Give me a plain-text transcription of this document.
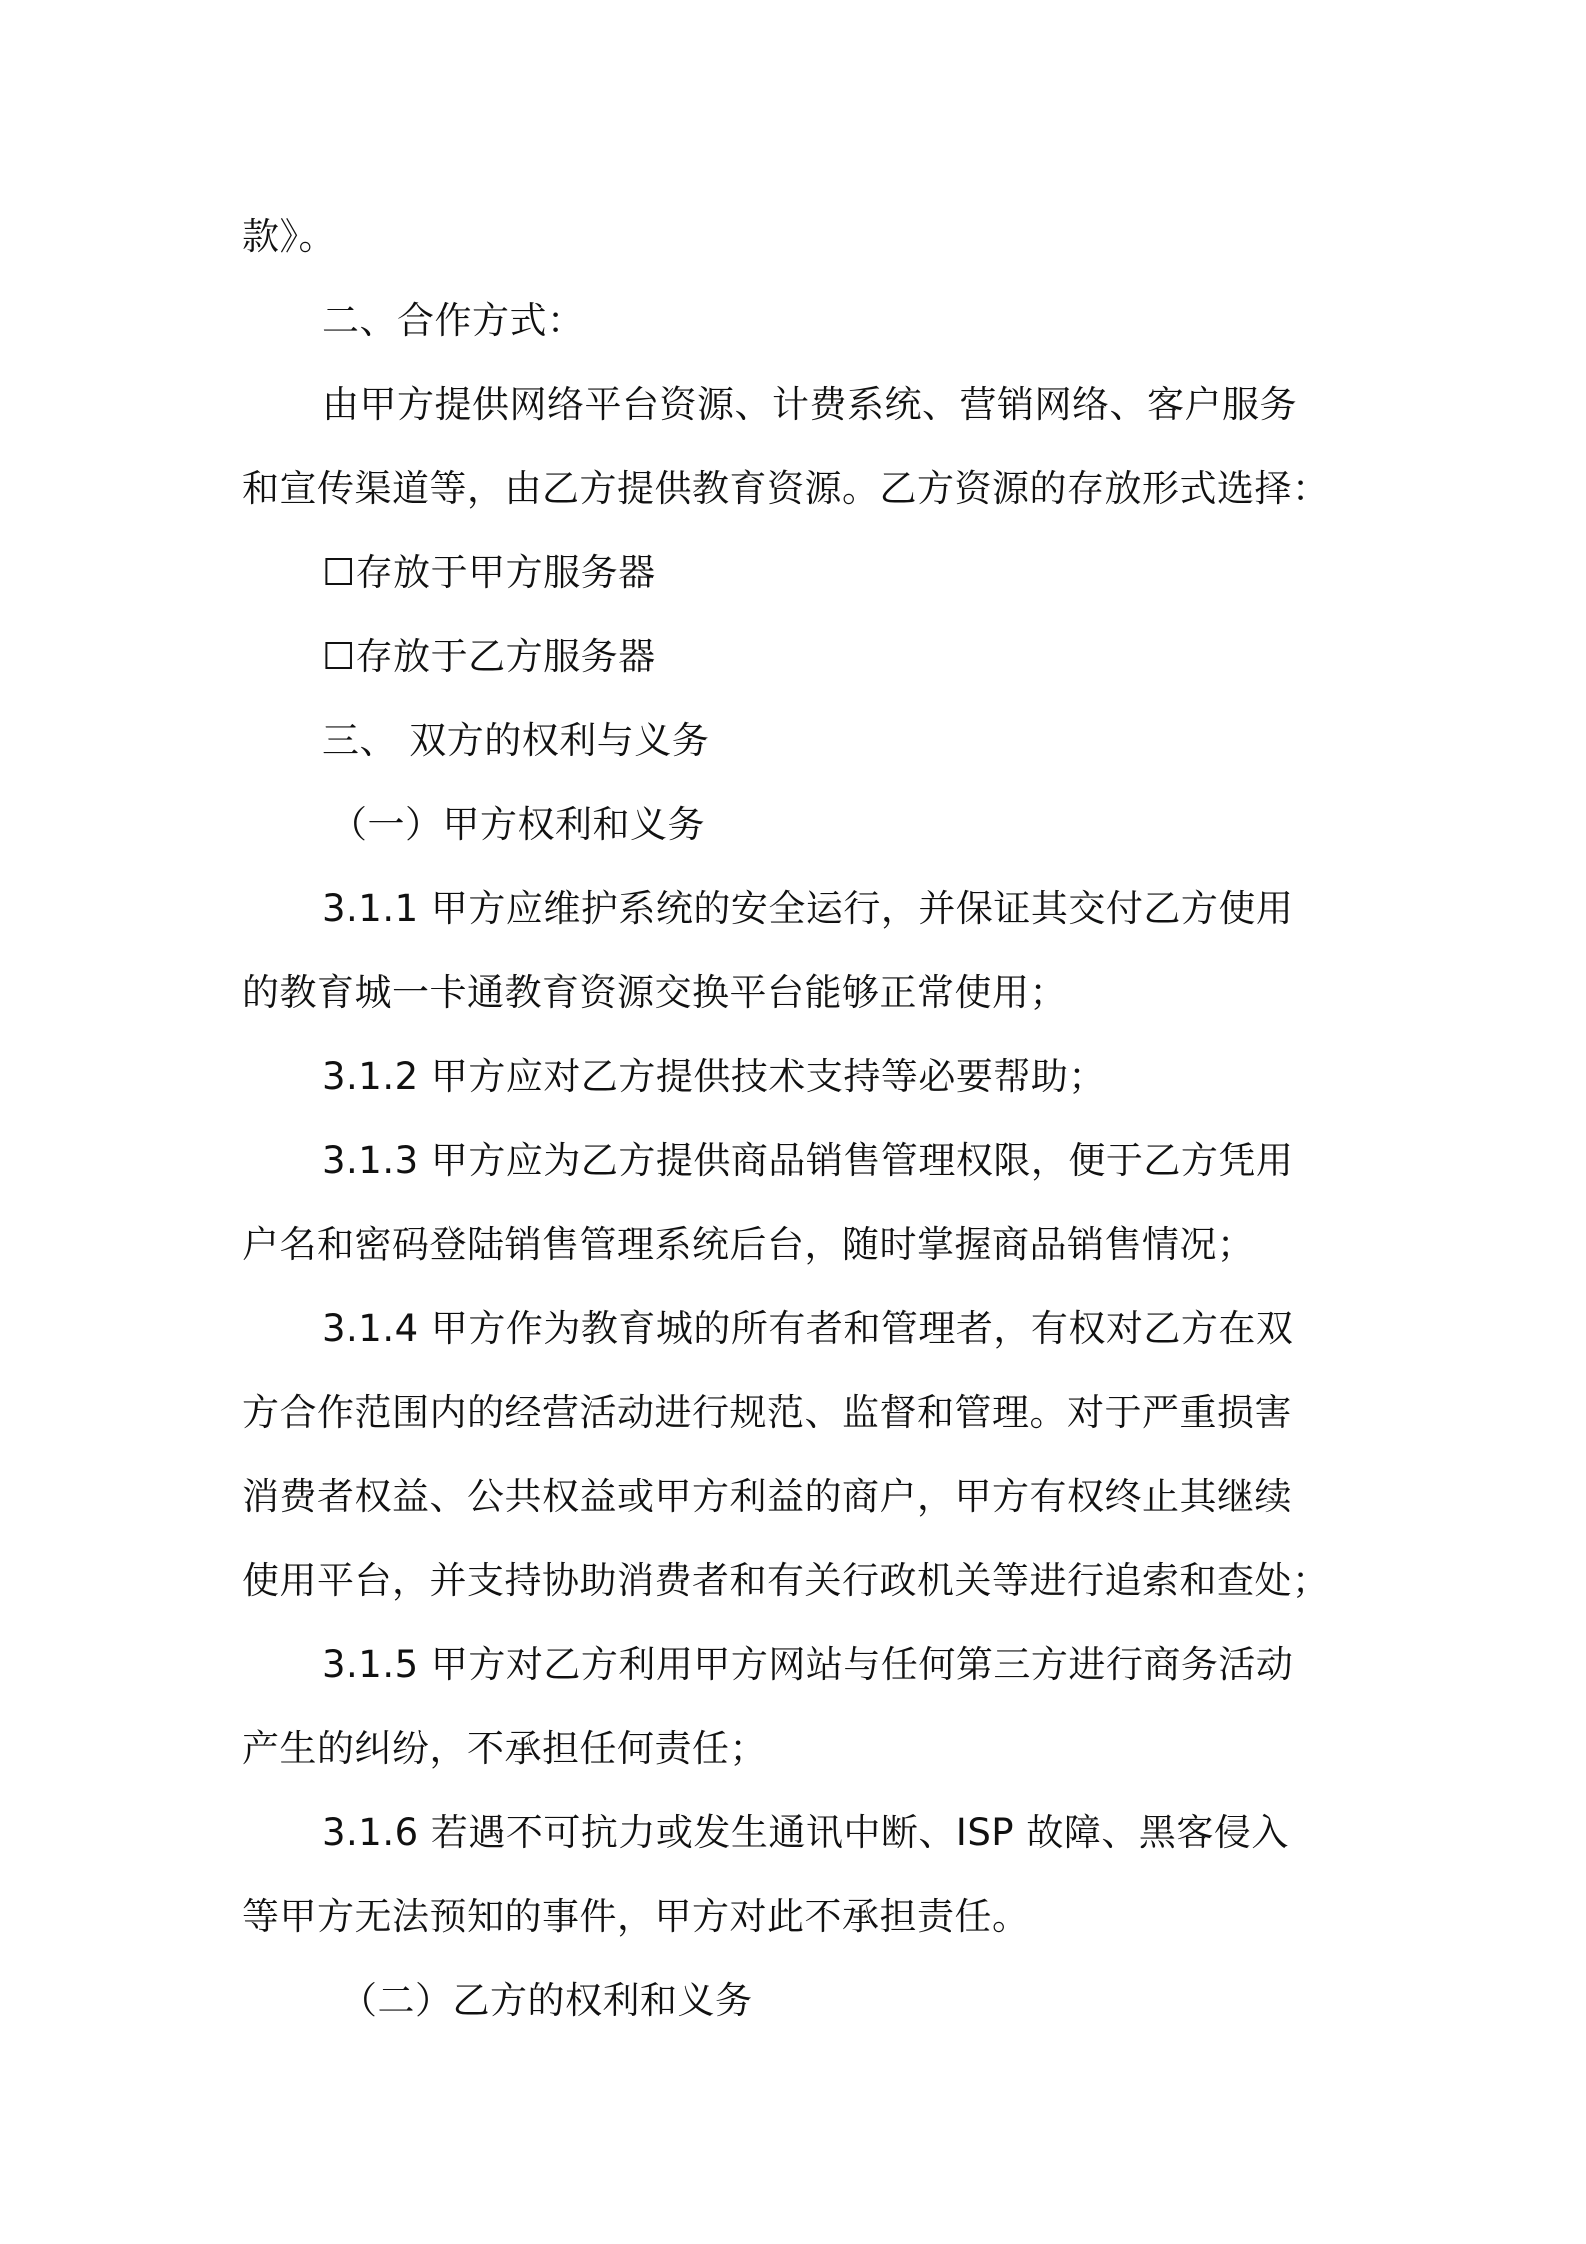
款》。
二、合作方式：
由甲方提供网络平台资源、计费系统、营销网络、客户服务
和宣传渠道等，由乙方提供教育资源。乙方资源的存放形式选择：
☐存放于甲方服务器
☐存放于乙方服务器
三、 双方的权利与义务
（一）甲方权利和义务
3.1.1 甲方应维护系统的安全运行，并保证其交付乙方使用
的教育城一卡通教育资源交换平台能够正常使用；
3.1.2 甲方应对乙方提供技术支持等必要帮助；
3.1.3 甲方应为乙方提供商品销售管理权限，便于乙方凭用
户名和密码登陆销售管理系统后台，随时掌握商品销售情况；
3.1.4 甲方作为教育城的所有者和管理者，有权对乙方在双
方合作范围内的经营活动进行规范、监督和管理。对于严重损害
消费者权益、公共权益或甲方利益的商户，甲方有权终止其继续
使用平台，并支持协助消费者和有关行政机关等进行追索和查处；
3.1.5 甲方对乙方利用甲方网站与任何第三方进行商务活动
产生的纠纷，不承担任何责任；
3.1.6 若遇不可抗力或发生通讯中断、ISP 故障、黑客侵入
等甲方无法预知的事件，甲方对此不承担责任。
（二）乙方的权利和义务
